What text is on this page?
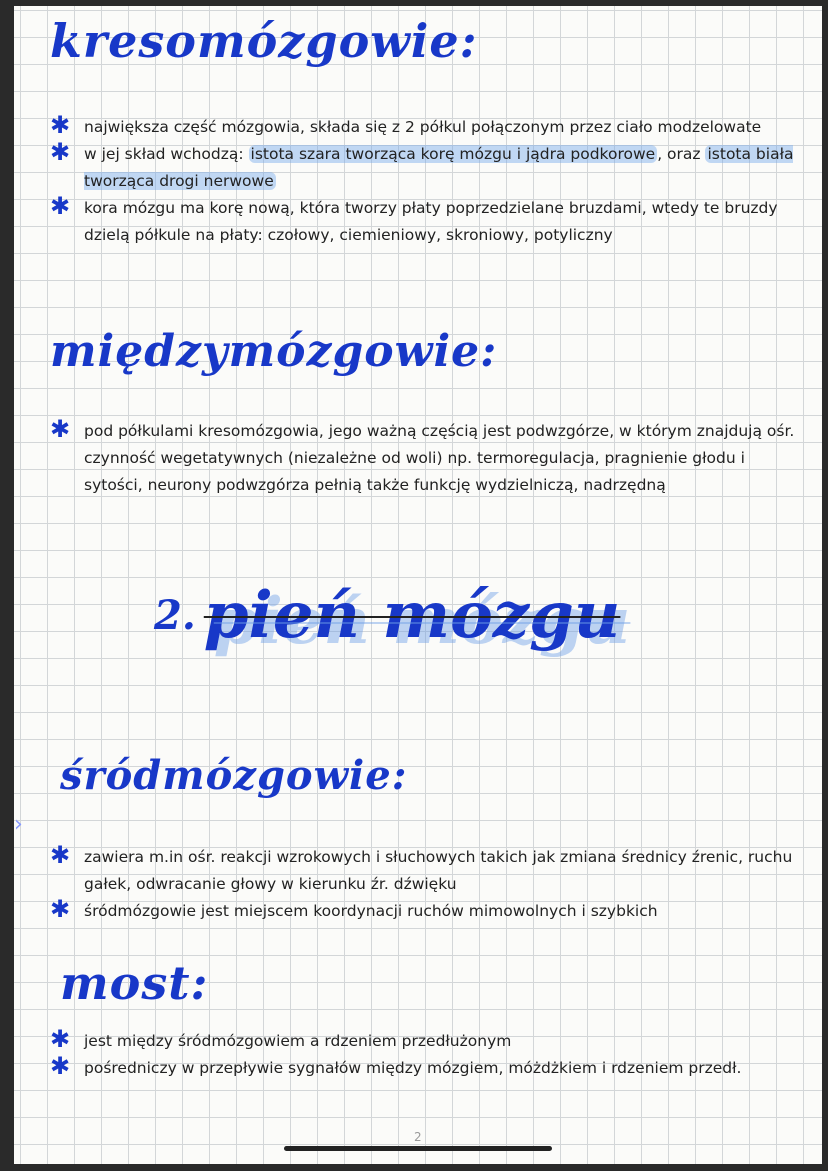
kresomózgowie:
✱ największa część mózgowia, składa się z 2 półkul połączonym przez ciało modzelowate
✱ w jej skład wchodzą: istota szara tworząca korę mózgu i jądra podkorowe , oraz istota biała tworząca drogi nerwowe
✱ kora mózgu ma korę nową, która tworzy płaty poprzedzielane bruzdami, wtedy te bruzdy dzielą półkule na płaty: czołowy, ciemieniowy, skroniowy, potyliczny
międzymózgowie:
✱ pod półkulami kresomózgowia, jego ważną częścią jest podwzgórze, w którym znajdują ośr. czynność wegetatywnych (niezależne od woli) np. termoregulacja, pragnienie głodu i sytości, neurony podwzgórza pełnią także funkcję wydzielniczą, nadrzędną
2. pień mózgu
›
śródmózgowie:
✱ zawiera m.in ośr. reakcji wzrokowych i słuchowych takich jak zmiana średnicy źrenic, ruchu gałek, odwracanie głowy w kierunku źr. dźwięku
✱ śródmózgowie jest miejscem koordynacji ruchów mimowolnych i szybkich
most:
✱ jest między śródmózgowiem a rdzeniem przedłużonym
✱ pośredniczy w przepływie sygnałów między mózgiem, móżdżkiem i rdzeniem przedł.
2
